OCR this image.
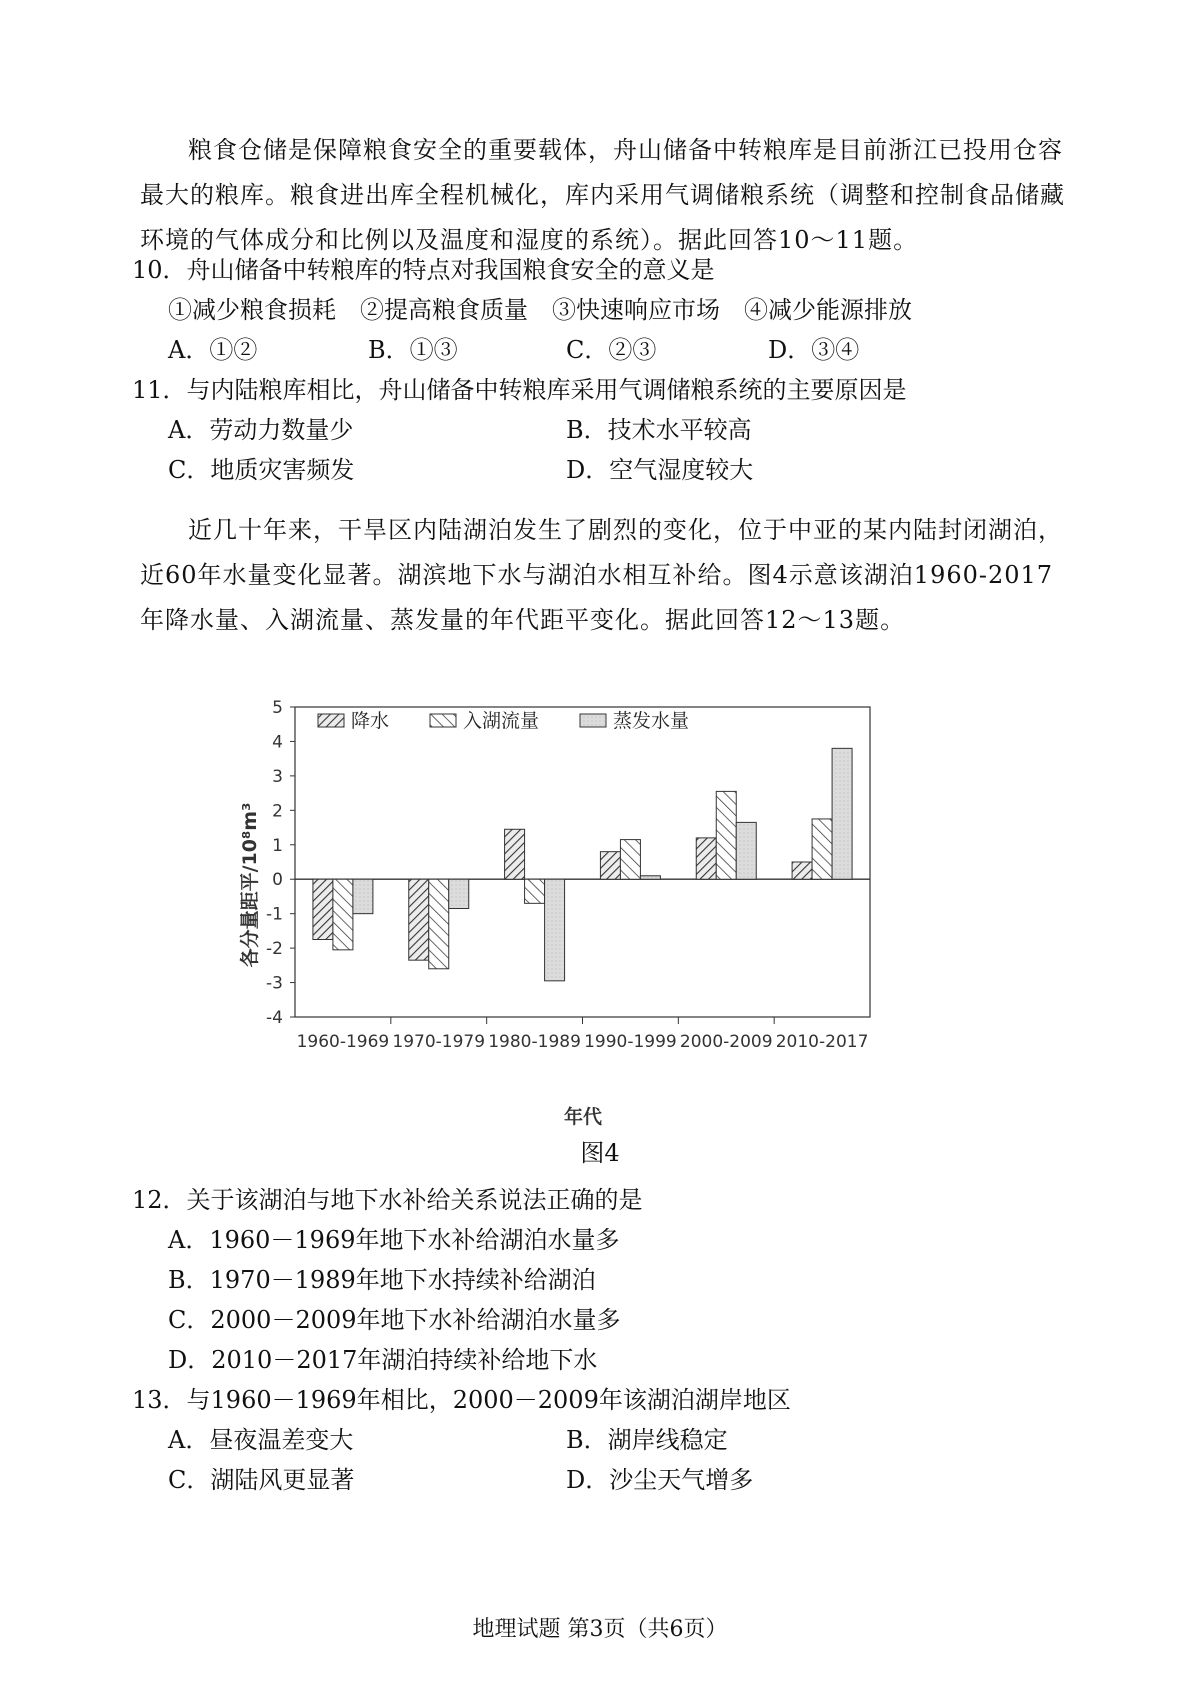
粮食仓储是保障粮食安全的重要载体，舟山储备中转粮库是目前浙江已投用仓容最大的粮库。粮食进出库全程机械化，库内采用气调储粮系统（调整和控制食品储藏环境的气体成分和比例以及温度和湿度的系统）。据此回答10～11题。

10．舟山储备中转粮库的特点对我国粮食安全的意义是
①减少粮食损耗　②提高粮食质量　③快速响应市场　④减少能源排放
A．①②	B．①③	C．②③	D．③④
11．与内陆粮库相比，舟山储备中转粮库采用气调储粮系统的主要原因是
A．劳动力数量少	B．技术水平较高
C．地质灾害频发	D．空气湿度较大

近几十年来，干旱区内陆湖泊发生了剧烈的变化，位于中亚的某内陆封闭湖泊，近60年水量变化显著。湖滨地下水与湖泊水相互补给。图4示意该湖泊1960-2017年降水量、入湖流量、蒸发量的年代距平变化。据此回答12～13题。

5
4
3
2
1
0
-1
-2
-3
-4
1960-1969 1970-1979 1980-1989 1990-1999 2000-2009 2010-2017
降水	入湖流量	蒸发水量
各分量距平/10⁸m³
年代
图4
12．关于该湖泊与地下水补给关系说法正确的是
A．1960－1969年地下水补给湖泊水量多
B．1970－1989年地下水持续补给湖泊
C．2000－2009年地下水补给湖泊水量多
D．2010－2017年湖泊持续补给地下水
13．与1960－1969年相比，2000－2009年该湖泊湖岸地区
A．昼夜温差变大	B．湖岸线稳定
C．湖陆风更显著	D．沙尘天气增多
地理试题 第3页（共6页）
